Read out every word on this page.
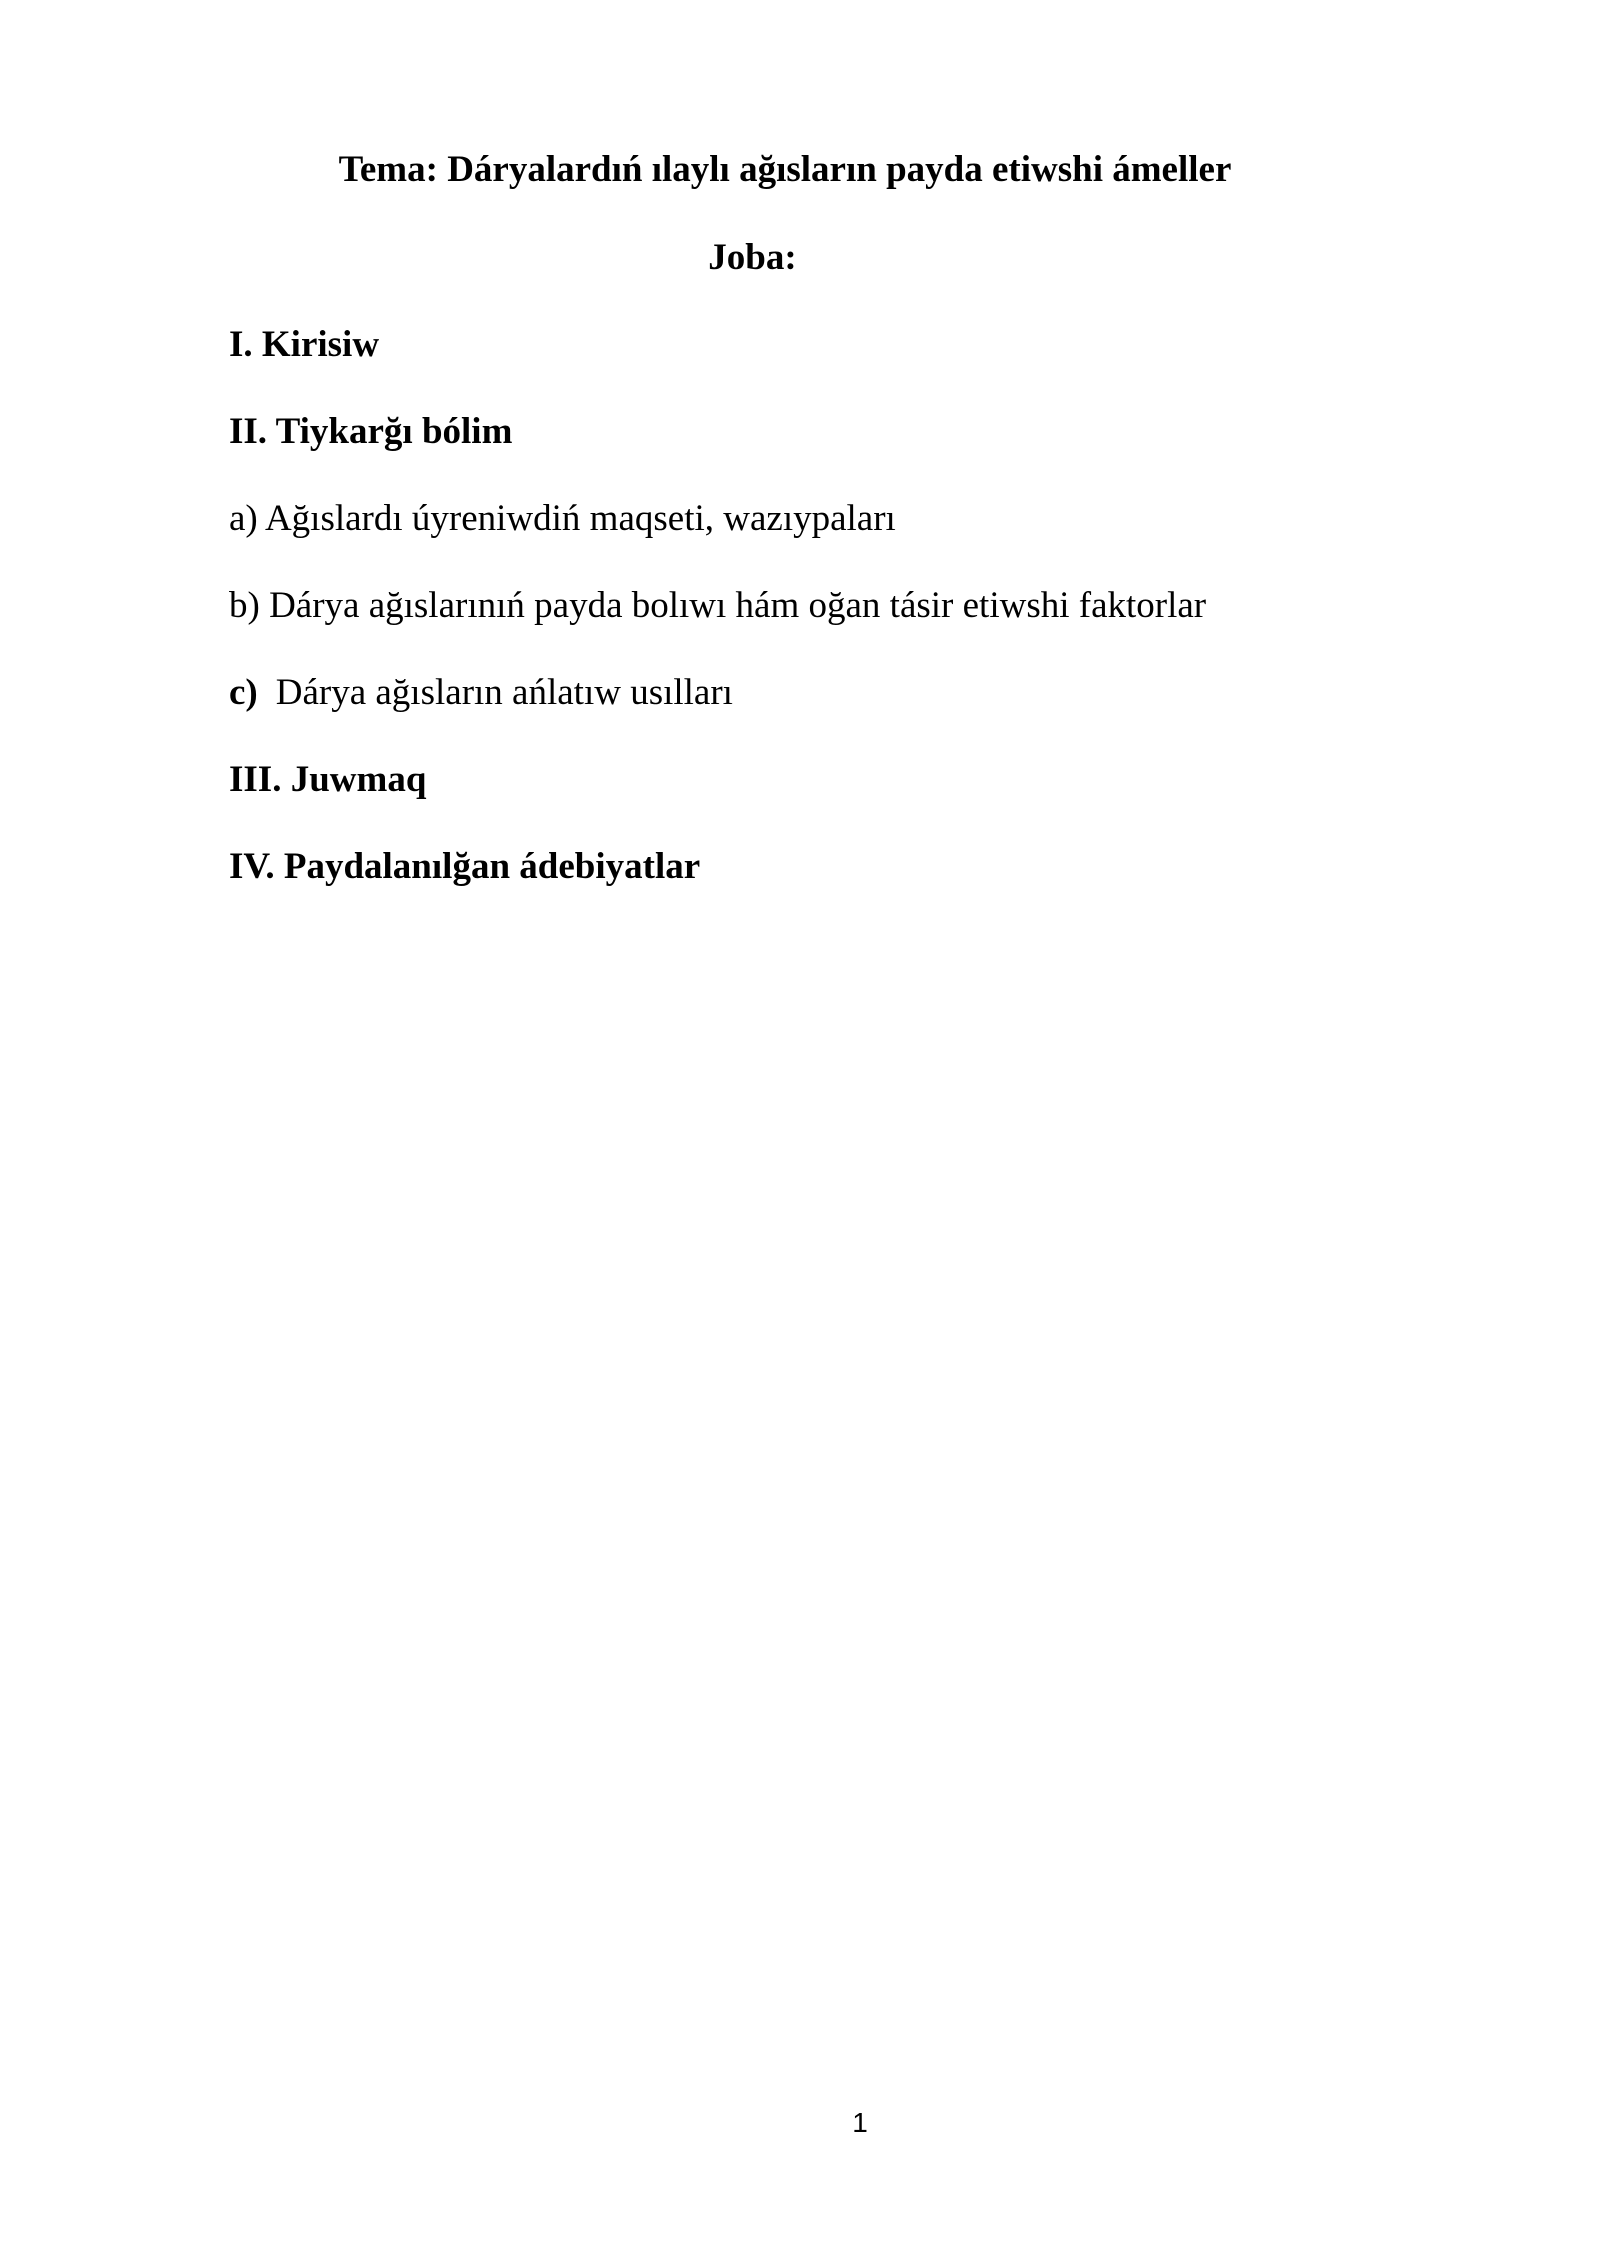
Tema: Dáryalardıń ılaylı ağısların payda etiwshi ámeller
Joba:
I. Kirisiw
II. Tiykarğı bólim
a) Ağıslardı úyreniwdiń maqseti, wazıypaları
b) Dárya ağıslarınıń payda bolıwı hám oğan tásir etiwshi faktorlar
c) Dárya ağısların ańlatıw usılları
III. Juwmaq
IV. Paydalanılğan ádebiyatlar
1
